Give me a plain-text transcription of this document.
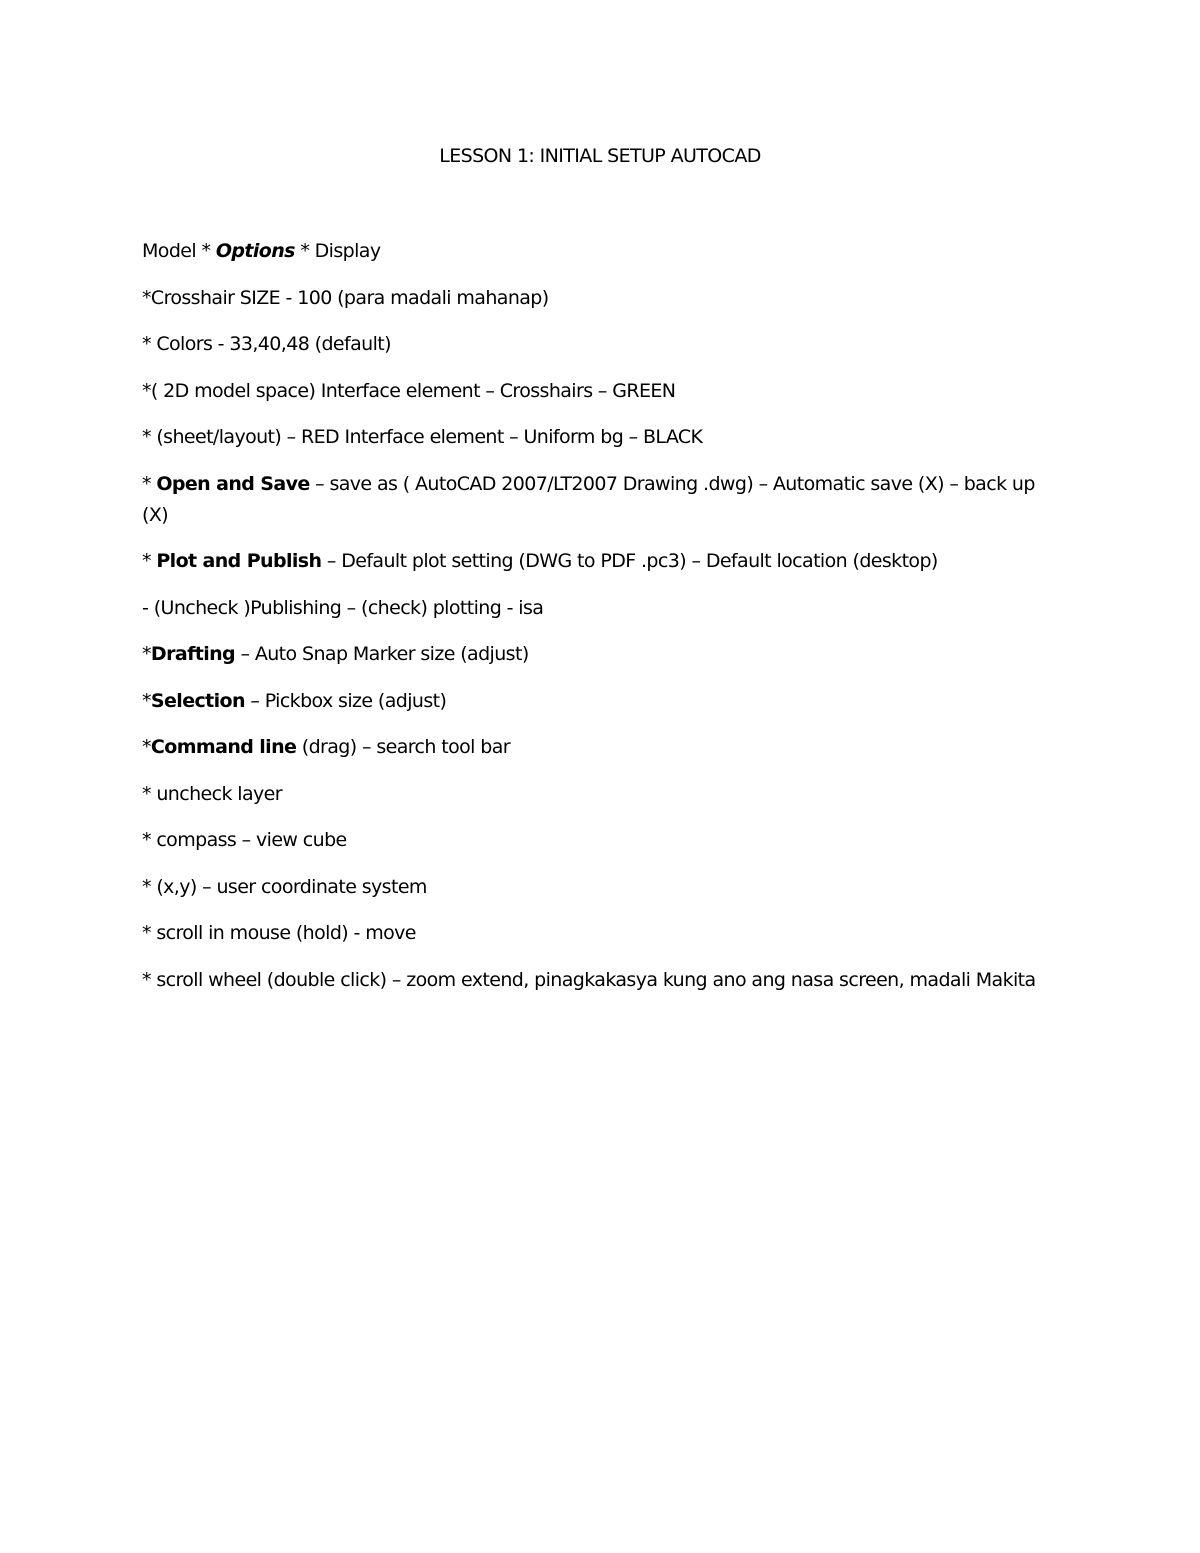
LESSON 1: INITIAL SETUP AUTOCAD
Model * Options * Display
*Crosshair SIZE - 100 (para madali mahanap)
* Colors - 33,40,48 (default)
*( 2D model space) Interface element – Crosshairs – GREEN
* (sheet/layout) – RED Interface element – Uniform bg – BLACK
* Open and Save – save as ( AutoCAD 2007/LT2007 Drawing .dwg) – Automatic save (X) – back up (X)
* Plot and Publish – Default plot setting (DWG to PDF .pc3) – Default location (desktop)
- (Uncheck )Publishing – (check) plotting - isa
*Drafting – Auto Snap Marker size (adjust)
*Selection – Pickbox size (adjust)
*Command line (drag) – search tool bar
* uncheck layer
* compass – view cube
* (x,y) – user coordinate system
* scroll in mouse (hold) - move
* scroll wheel (double click) – zoom extend, pinagkakasya kung ano ang nasa screen, madali Makita
